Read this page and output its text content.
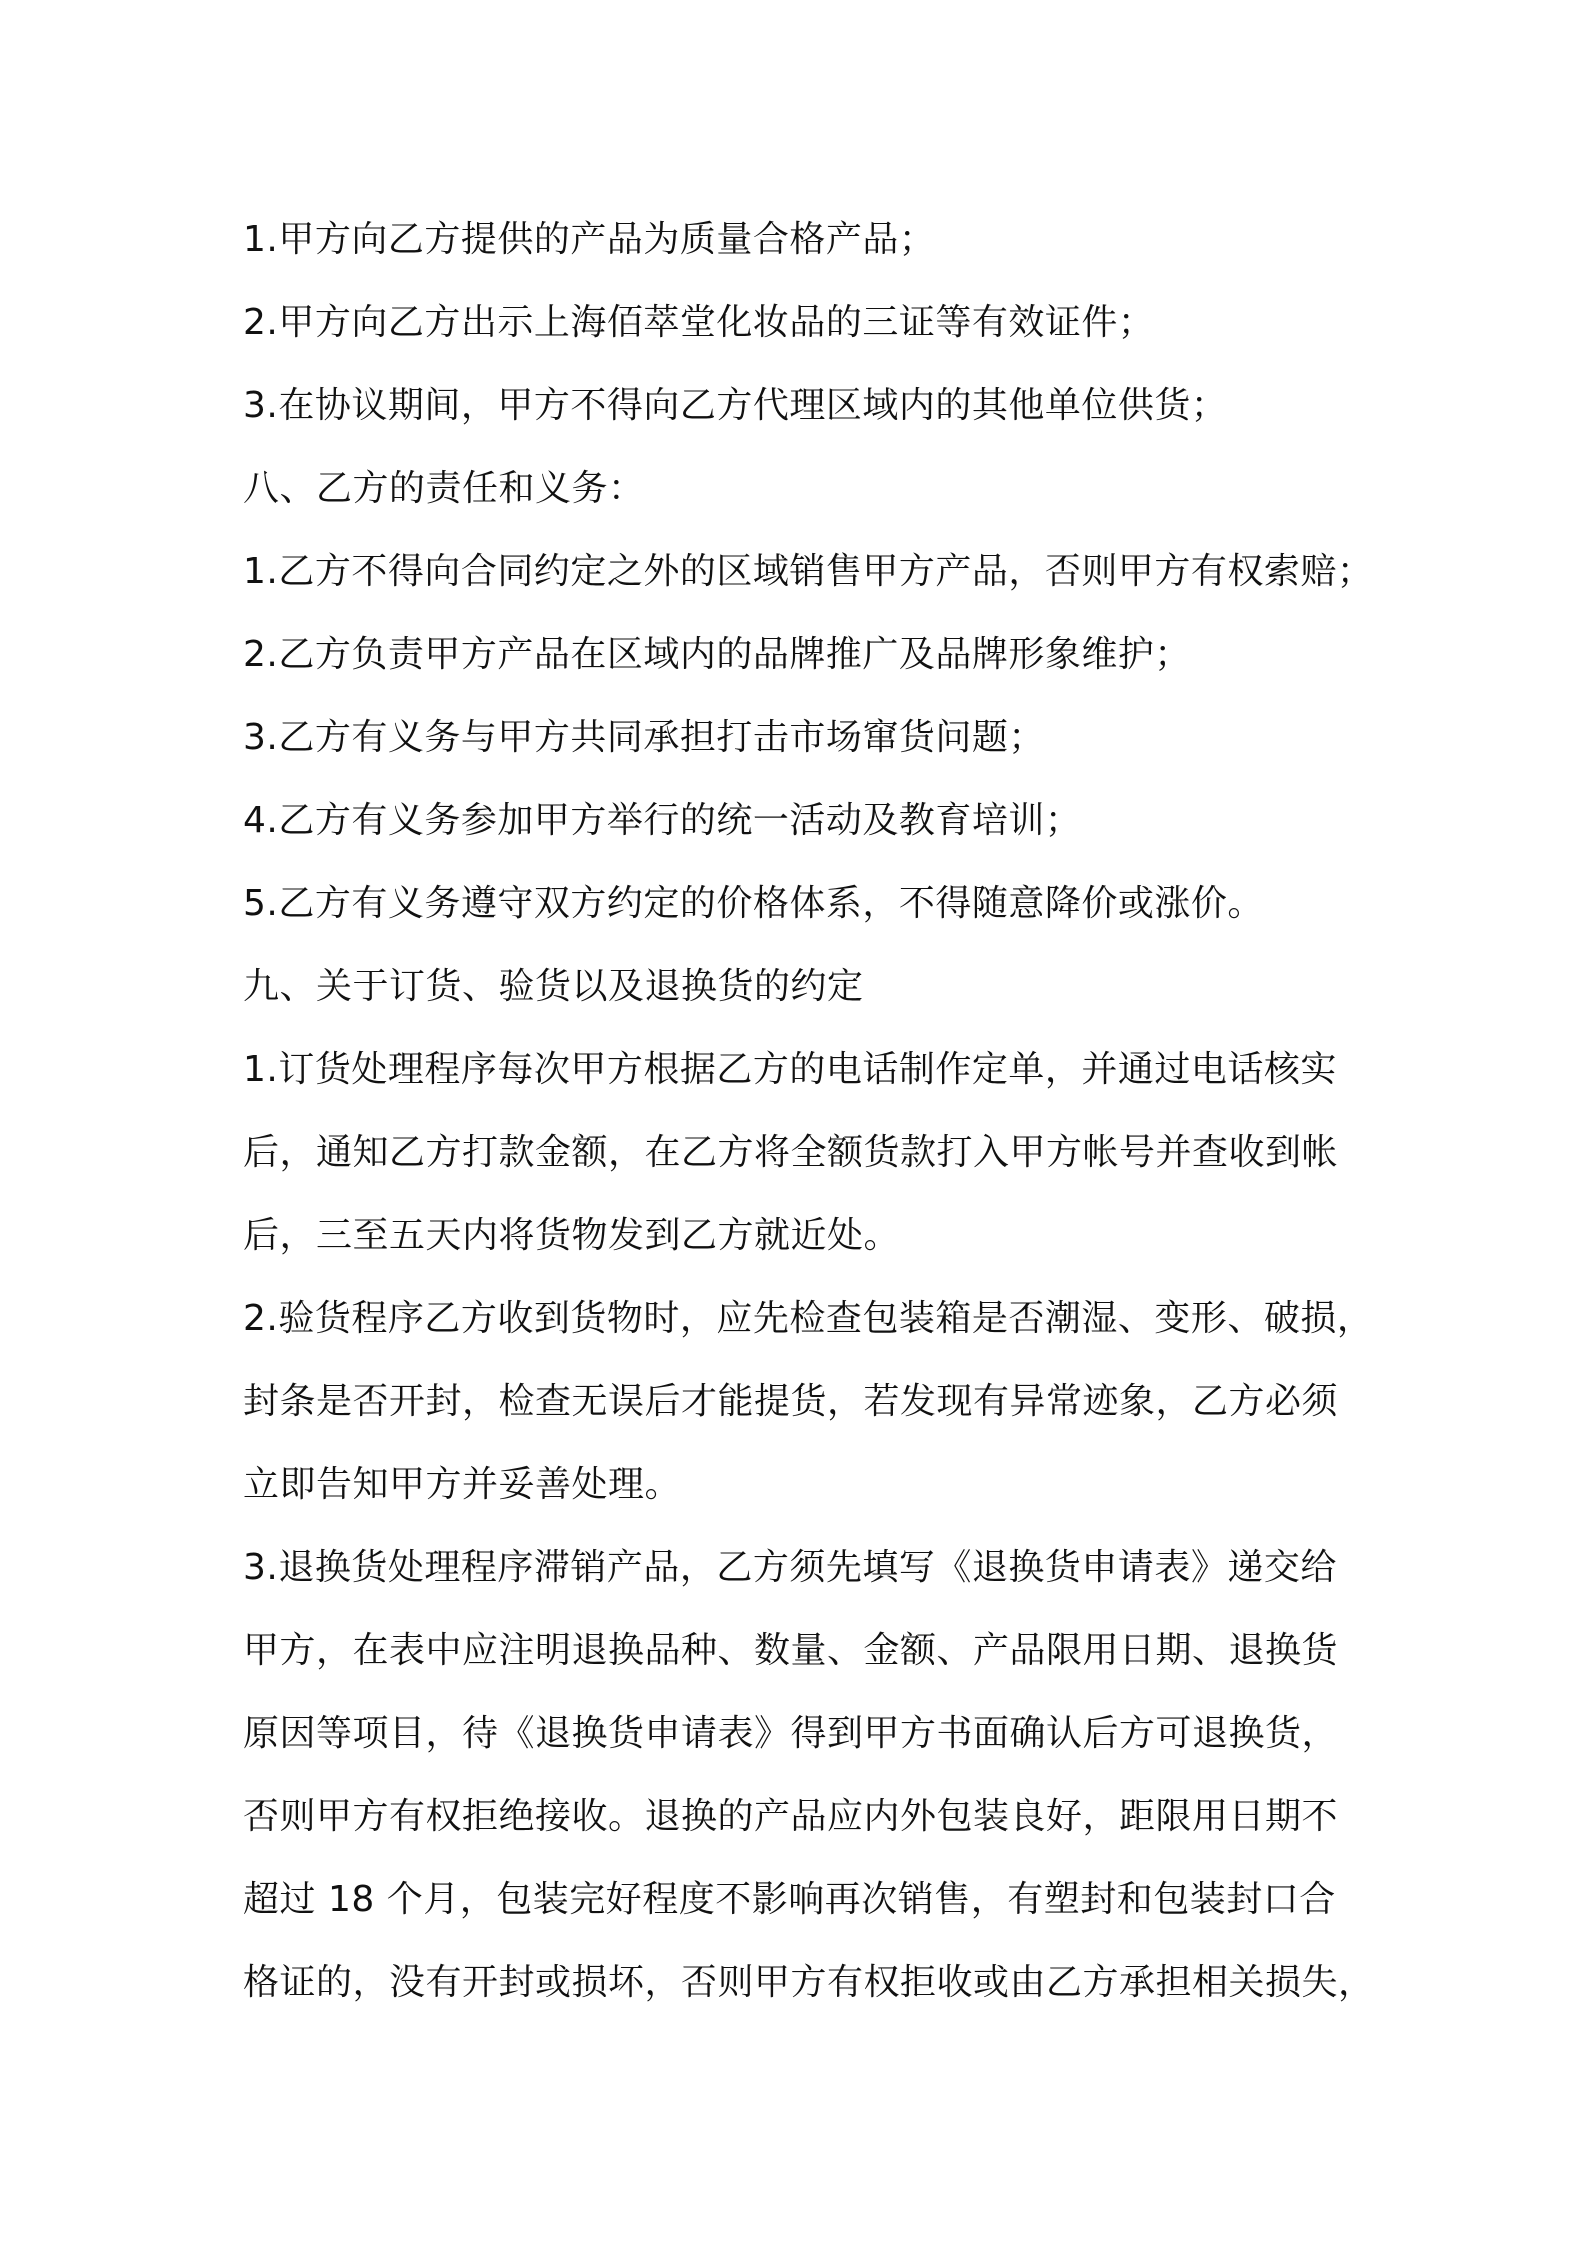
1.甲方向乙方提供的产品为质量合格产品；
2.甲方向乙方出示上海佰萃堂化妆品的三证等有效证件；
3.在协议期间，甲方不得向乙方代理区域内的其他单位供货；
八、乙方的责任和义务：
1.乙方不得向合同约定之外的区域销售甲方产品，否则甲方有权索赔；
2.乙方负责甲方产品在区域内的品牌推广及品牌形象维护；
3.乙方有义务与甲方共同承担打击市场窜货问题；
4.乙方有义务参加甲方举行的统一活动及教育培训；
5.乙方有义务遵守双方约定的价格体系，不得随意降价或涨价。
九、关于订货、验货以及退换货的约定
1.订货处理程序每次甲方根据乙方的电话制作定单，并通过电话核实
后，通知乙方打款金额，在乙方将全额货款打入甲方帐号并查收到帐
后，三至五天内将货物发到乙方就近处。
2.验货程序乙方收到货物时，应先检查包装箱是否潮湿、变形、破损，
封条是否开封，检查无误后才能提货，若发现有异常迹象，乙方必须
立即告知甲方并妥善处理。
3.退换货处理程序滞销产品，乙方须先填写《退换货申请表》递交给
甲方，在表中应注明退换品种、数量、金额、产品限用日期、退换货
原因等项目，待《退换货申请表》得到甲方书面确认后方可退换货，
否则甲方有权拒绝接收。退换的产品应内外包装良好，距限用日期不
超过 18 个月，包装完好程度不影响再次销售，有塑封和包装封口合
格证的，没有开封或损坏，否则甲方有权拒收或由乙方承担相关损失，
